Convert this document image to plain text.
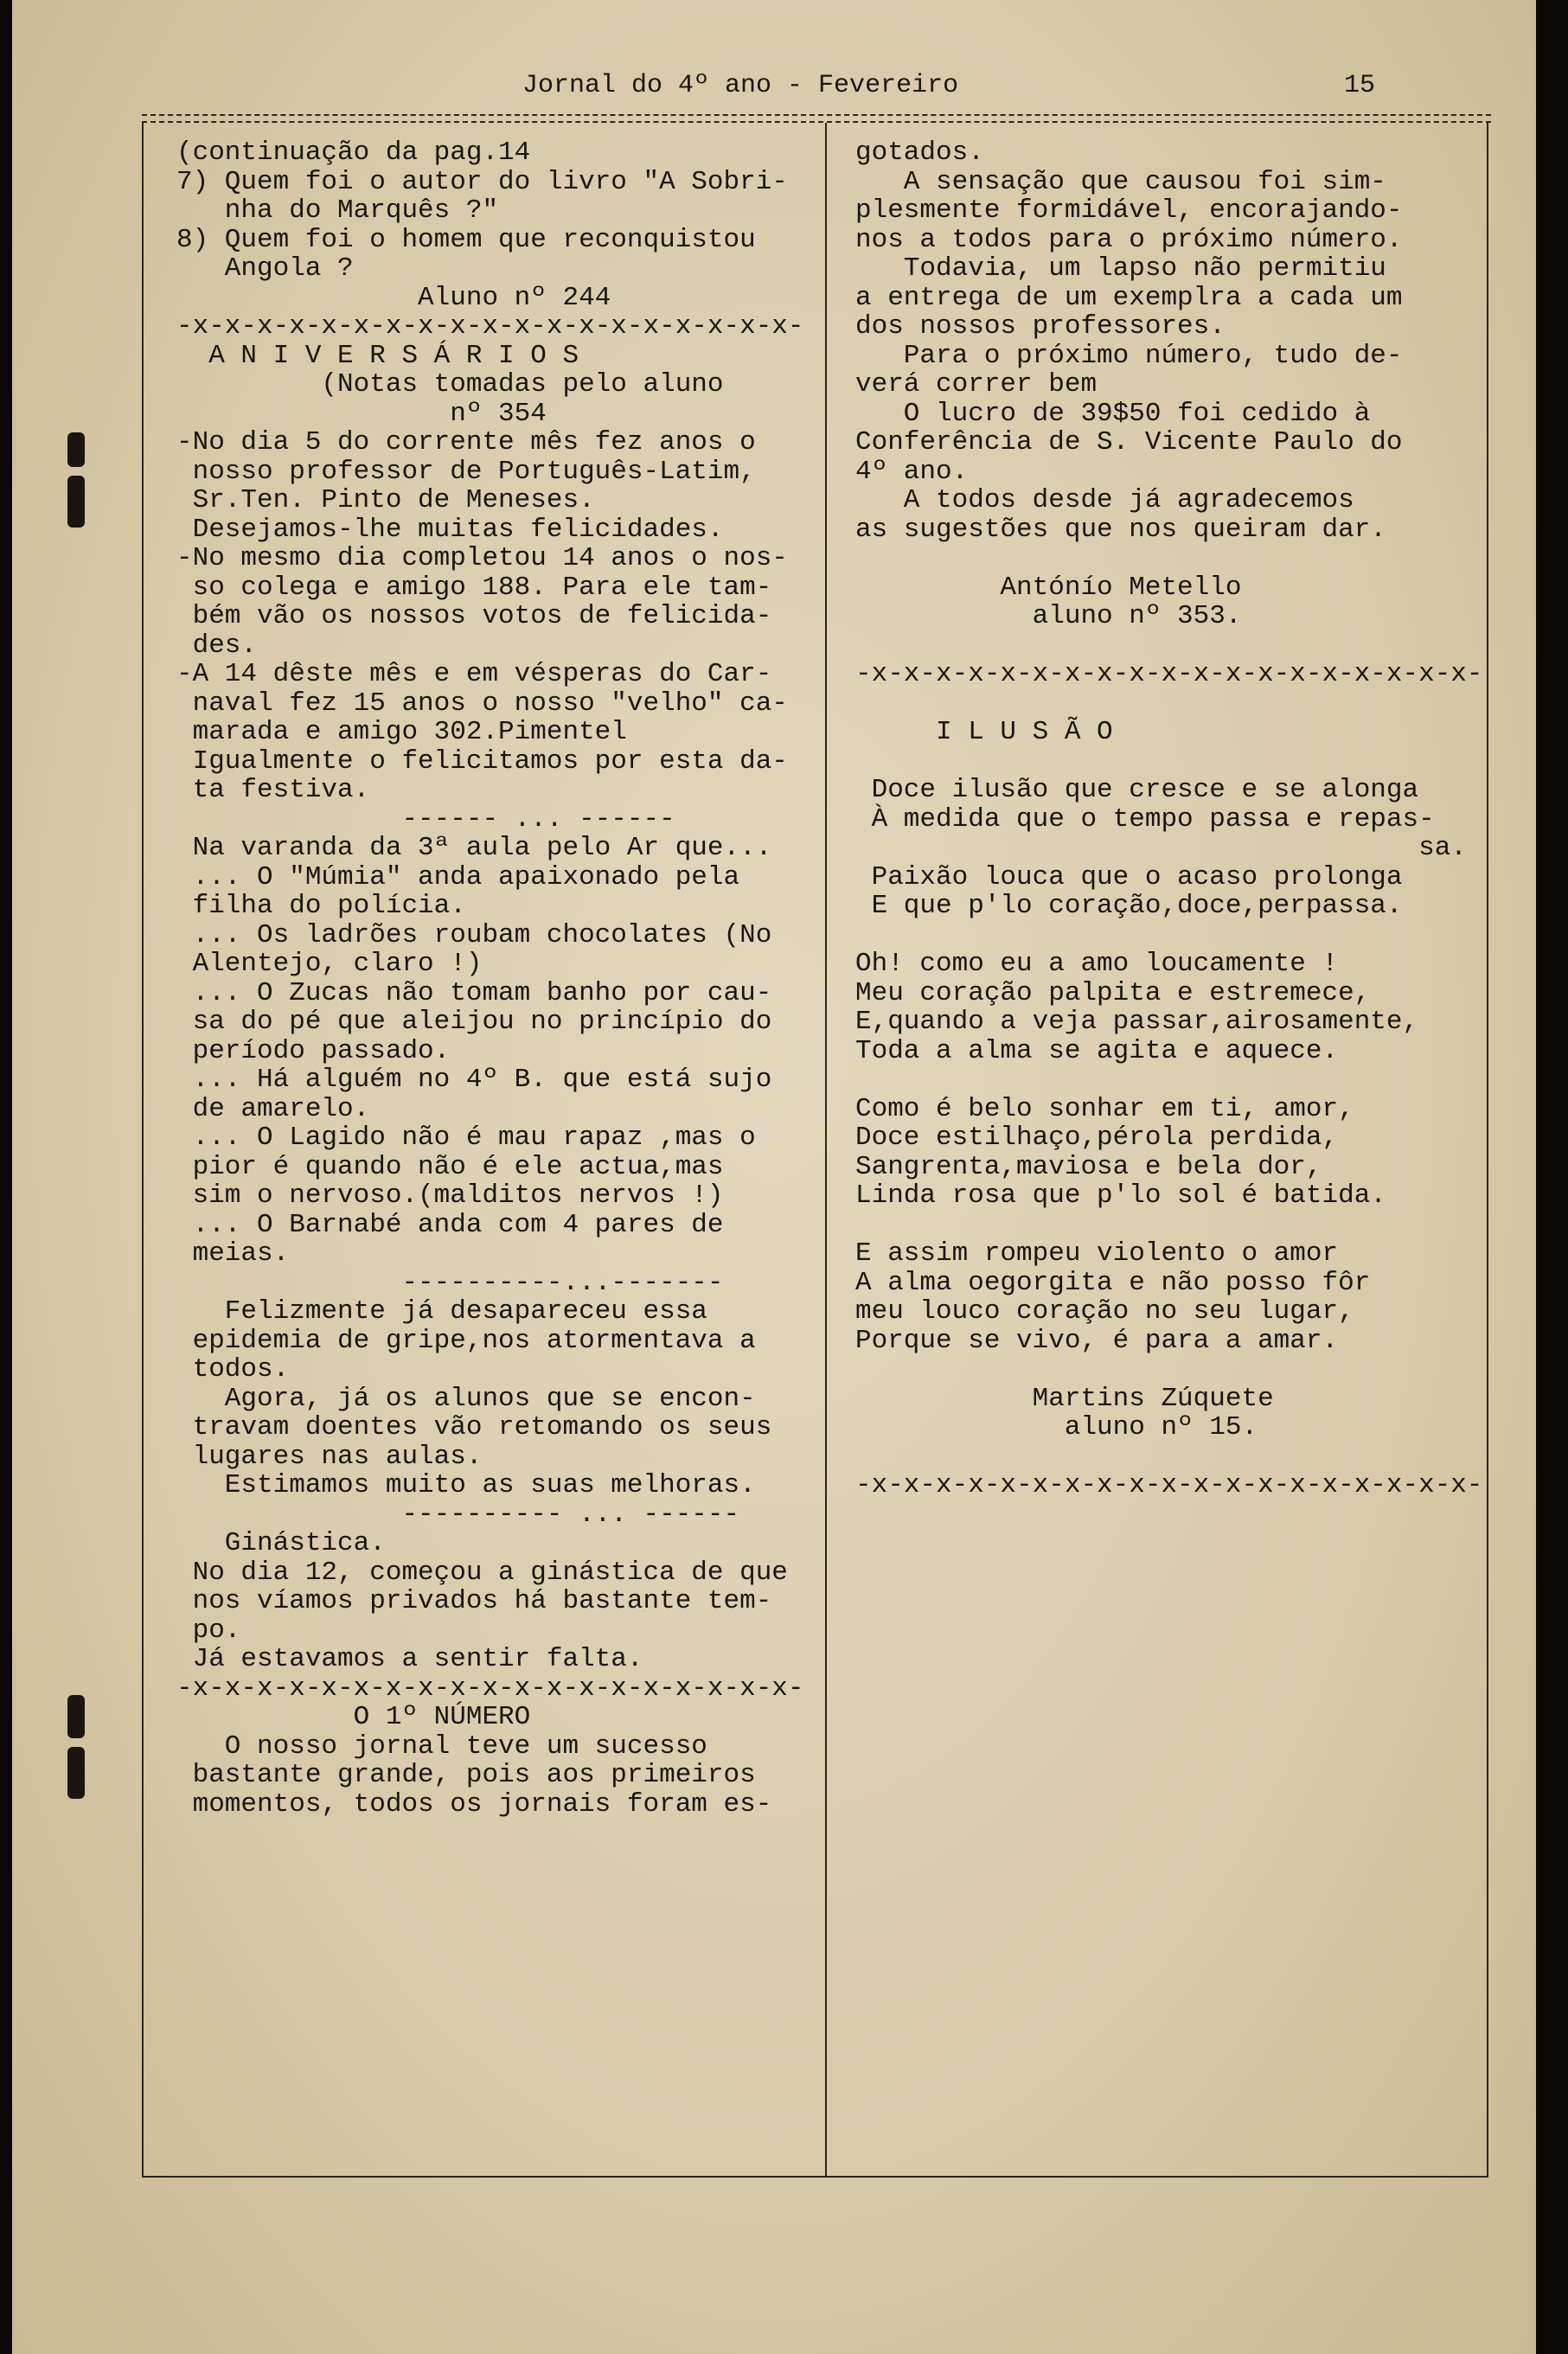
Jornal do 4º ano - Fevereiro	15
(continuação da pag.14
7) Quem foi o autor do livro "A Sobri-
nha do Marquês ?"
8) Quem foi o homem que reconquistou
Angola ?
Aluno nº 244
-x-x-x-x-x-x-x-x-x-x-x-x-x-x-x-x-x-x-x-
A N I V E R S Á R I O S
(Notas tomadas pelo aluno
nº 354
-No dia 5 do corrente mês fez anos o
nosso professor de Português-Latim,
Sr.Ten. Pinto de Meneses.
Desejamos-lhe muitas felicidades.
-No mesmo dia completou 14 anos o nos-
so colega e amigo 188. Para ele tam-
bém vão os nossos votos de felicida-
des.
-A 14 dêste mês e em vésperas do Car-
naval fez 15 anos o nosso "velho" ca-
marada e amigo 302.Pimentel
Igualmente o felicitamos por esta da-
ta festiva.
------ ... ------
Na varanda da 3ª aula pelo Ar que...
... O "Múmia" anda apaixonado pela
filha do polícia.
... Os ladrões roubam chocolates (No
Alentejo, claro !)
... O Zucas não tomam banho por cau-
sa do pé que aleijou no princípio do
período passado.
... Há alguém no 4º B. que está sujo
de amarelo.
... O Lagido não é mau rapaz ,mas o
pior é quando não é ele actua,mas
sim o nervoso.(malditos nervos !)
... O Barnabé anda com 4 pares de
meias.
----------...-------
Felizmente já desapareceu essa
epidemia de gripe,nos atormentava a
todos.
Agora, já os alunos que se encon-
travam doentes vão retomando os seus
lugares nas aulas.
Estimamos muito as suas melhoras.
---------- ... ------
Ginástica.
No dia 12, começou a ginástica de que
nos víamos privados há bastante tem-
po.
Já estavamos a sentir falta.
-x-x-x-x-x-x-x-x-x-x-x-x-x-x-x-x-x-x-x-
O 1º NÚMERO
O nosso jornal teve um sucesso
bastante grande, pois aos primeiros
momentos, todos os jornais foram es-
gotados.
A sensação que causou foi sim-
plesmente formidável, encorajando-
nos a todos para o próximo número.
Todavia, um lapso não permitiu
a entrega de um exemplra a cada um
dos nossos professores.
Para o próximo número, tudo de-
verá correr bem
O lucro de 39$50 foi cedido à
Conferência de S. Vicente Paulo do
4º ano.
A todos desde já agradecemos
as sugestões que nos queiram dar.
Antónío Metello
aluno nº 353.
-x-x-x-x-x-x-x-x-x-x-x-x-x-x-x-x-x-x-x-
I L U S Ã O
Doce ilusão que cresce e se alonga
À medida que o tempo passa e repas-
sa.
Paixão louca que o acaso prolonga
E que p'lo coração,doce,perpassa.
Oh! como eu a amo loucamente !
Meu coração palpita e estremece,
E,quando a veja passar,airosamente,
Toda a alma se agita e aquece.
Como é belo sonhar em ti, amor,
Doce estilhaço,pérola perdida,
Sangrenta,maviosa e bela dor,
Linda rosa que p'lo sol é batida.
E assim rompeu violento o amor
A alma oegorgita e não posso fôr
meu louco coração no seu lugar,
Porque se vivo, é para a amar.
Martins Zúquete
aluno nº 15.
-x-x-x-x-x-x-x-x-x-x-x-x-x-x-x-x-x-x-x-
